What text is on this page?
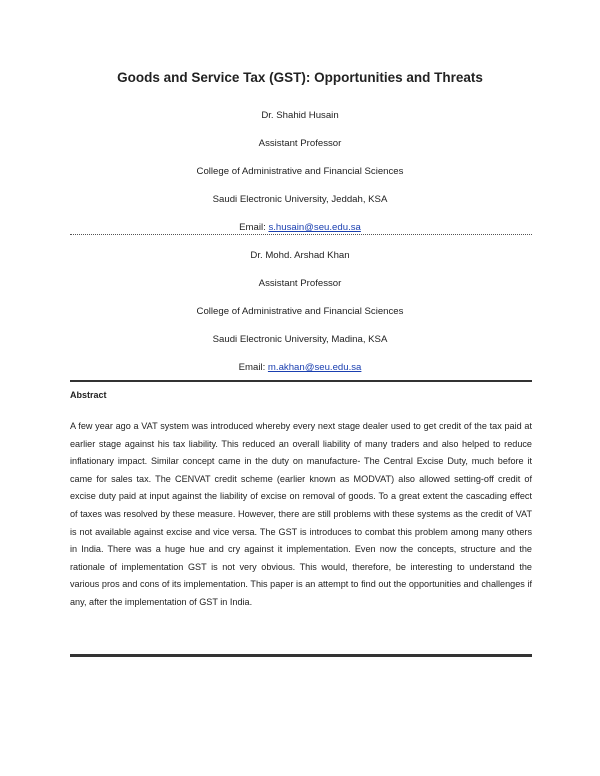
Goods and Service Tax (GST): Opportunities and Threats
Dr. Shahid Husain
Assistant Professor
College of Administrative and Financial Sciences
Saudi Electronic University, Jeddah, KSA
Email: s.husain@seu.edu.sa
Dr. Mohd. Arshad Khan
Assistant Professor
College of Administrative and Financial Sciences
Saudi Electronic University, Madina, KSA
Email: m.akhan@seu.edu.sa
Abstract

A few year ago a VAT system was introduced whereby every next stage dealer used to get credit of the tax paid at earlier stage against his tax liability. This reduced an overall liability of many traders and also helped to reduce inflationary impact. Similar concept came in the duty on manufacture- The Central Excise Duty, much before it came for sales tax. The CENVAT credit scheme (earlier known as MODVAT) also allowed setting-off credit of excise duty paid at input against the liability of excise on removal of goods. To a great extent the cascading effect of taxes was resolved by these measure. However, there are still problems with these systems as the credit of VAT is not available against excise and vice versa. The GST is introduces to combat this problem among many others in India. There was a huge hue and cry against it implementation. Even now the concepts, structure and the rationale of implementation GST is not very obvious. This would, therefore, be interesting to understand the various pros and cons of its implementation. This paper is an attempt to find out the opportunities and challenges if any, after the implementation of GST in India.
